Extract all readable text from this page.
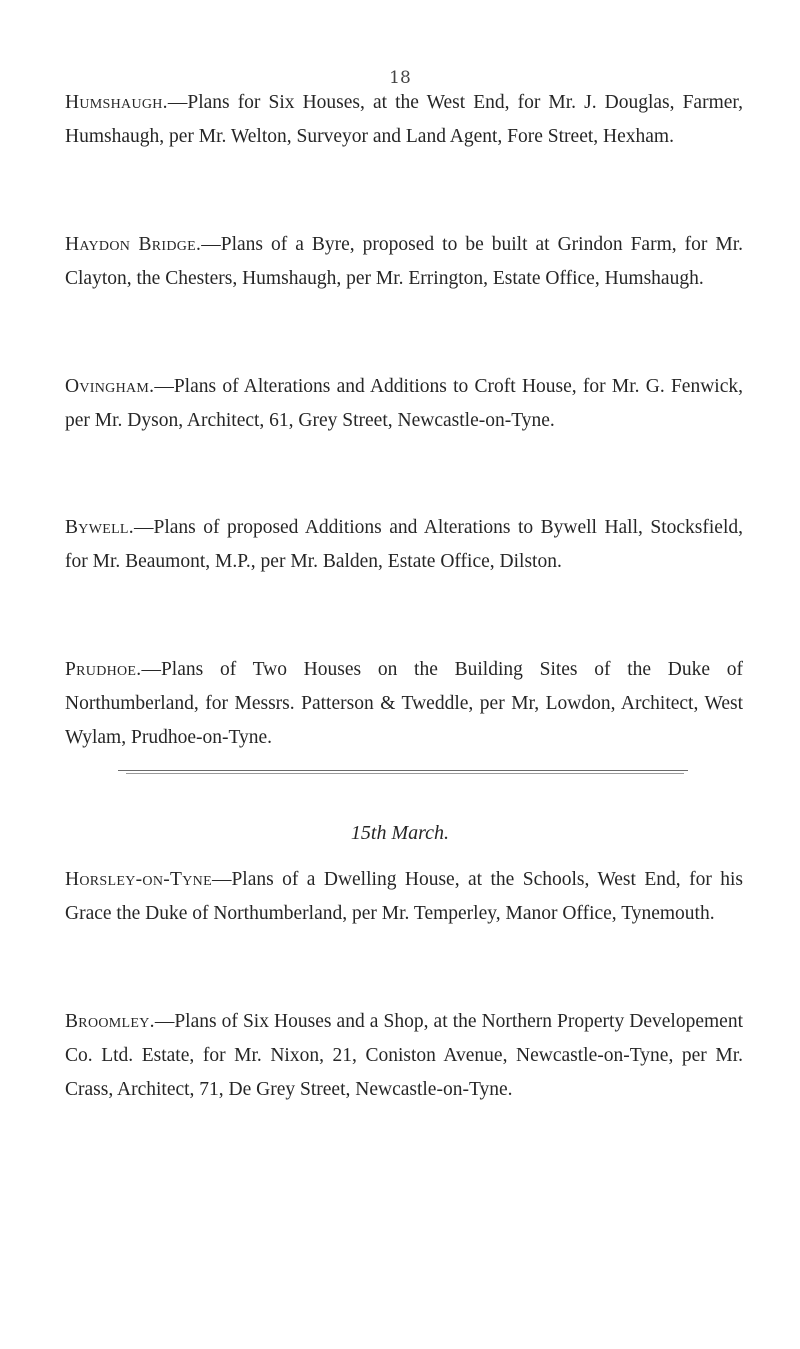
18

Humshaugh.—Plans for Six Houses, at the West End, for Mr. J. Douglas, Farmer, Humshaugh, per Mr. Welton, Surveyor and Land Agent, Fore Street, Hexham.

Haydon Bridge.—Plans of a Byre, proposed to be built at Grindon Farm, for Mr. Clayton, the Chesters, Humshaugh, per Mr. Errington, Estate Office, Humshaugh.

Ovingham.—Plans of Alterations and Additions to Croft House, for Mr. G. Fenwick, per Mr. Dyson, Architect, 61, Grey Street, Newcastle-on-Tyne.

Bywell.—Plans of proposed Additions and Alterations to Bywell Hall, Stocksfield, for Mr. Beaumont, M.P., per Mr. Balden, Estate Office, Dilston.

Prudhoe.—Plans of Two Houses on the Building Sites of the Duke of Northumberland, for Messrs. Patterson & Tweddle, per Mr, Lowdon, Architect, West Wylam, Prudhoe-on-Tyne.

15th March.

Horsley-on-Tyne—Plans of a Dwelling House, at the Schools, West End, for his Grace the Duke of Northumberland, per Mr. Temperley, Manor Office, Tynemouth.

Broomley.—Plans of Six Houses and a Shop, at the Northern Property Developement Co. Ltd. Estate, for Mr. Nixon, 21, Coniston Avenue, Newcastle-on-Tyne, per Mr. Crass, Architect, 71, De Grey Street, Newcastle-on-Tyne.
